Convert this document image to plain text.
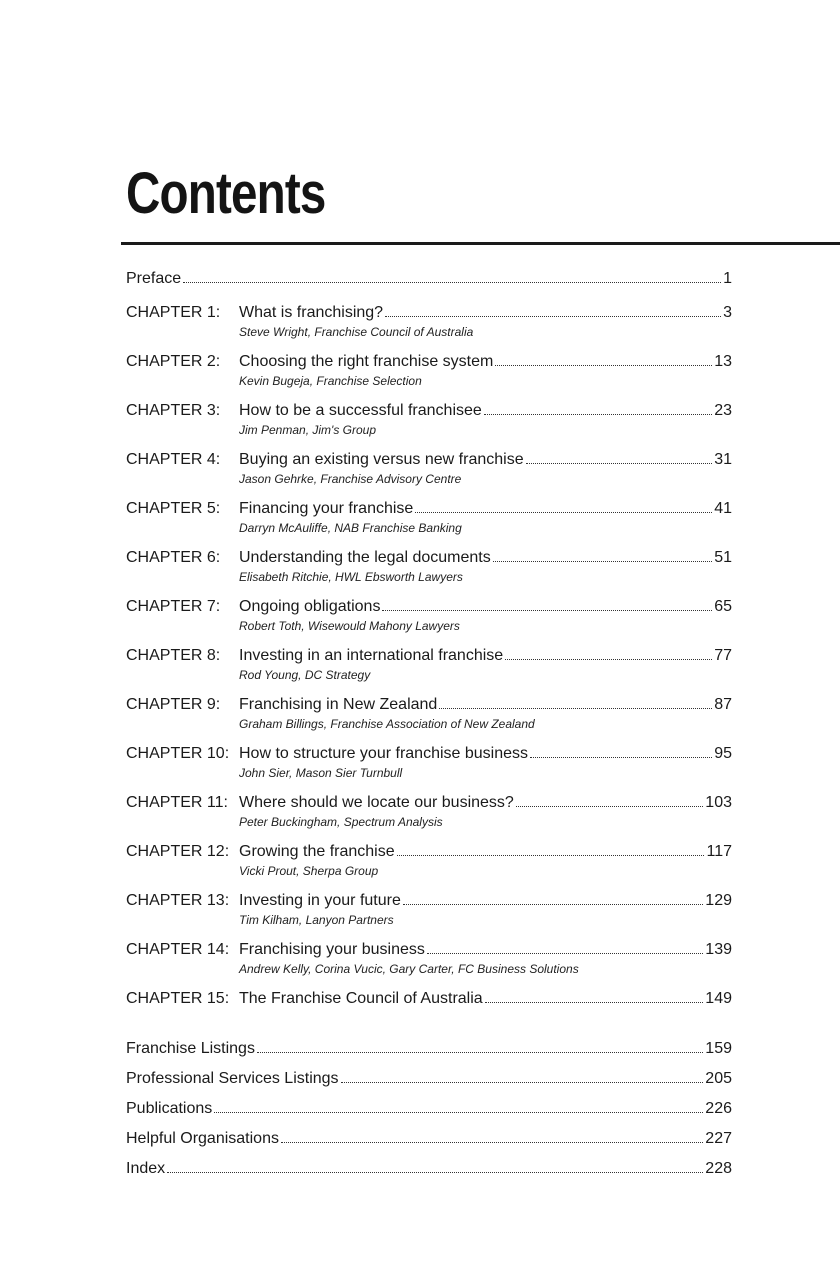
Contents
Preface	1
CHAPTER 1:	What is franchising?	3
Steve Wright, Franchise Council of Australia
CHAPTER 2:	Choosing the right franchise system	13
Kevin Bugeja, Franchise Selection
CHAPTER 3:	How to be a successful franchisee	23
Jim Penman, Jim's Group
CHAPTER 4:	Buying an existing versus new franchise	31
Jason Gehrke, Franchise Advisory Centre
CHAPTER 5:	Financing your franchise	41
Darryn McAuliffe, NAB Franchise Banking
CHAPTER 6:	Understanding the legal documents	51
Elisabeth Ritchie, HWL Ebsworth Lawyers
CHAPTER 7:	Ongoing obligations	65
Robert Toth, Wisewould Mahony Lawyers
CHAPTER 8:	Investing in an international franchise	77
Rod Young, DC Strategy
CHAPTER 9:	Franchising in New Zealand	87
Graham Billings, Franchise Association of New Zealand
CHAPTER 10: How to structure your franchise business	95
John Sier, Mason Sier Turnbull
CHAPTER 11: Where should we locate our business?	103
Peter Buckingham, Spectrum Analysis
CHAPTER 12: Growing the franchise	117
Vicki Prout, Sherpa Group
CHAPTER 13: Investing in your future	129
Tim Kilham, Lanyon Partners
CHAPTER 14: Franchising your business	139
Andrew Kelly, Corina Vucic, Gary Carter, FC Business Solutions
CHAPTER 15: The Franchise Council of Australia	149
Franchise Listings	159
Professional Services Listings	205
Publications	226
Helpful Organisations	227
Index	228
